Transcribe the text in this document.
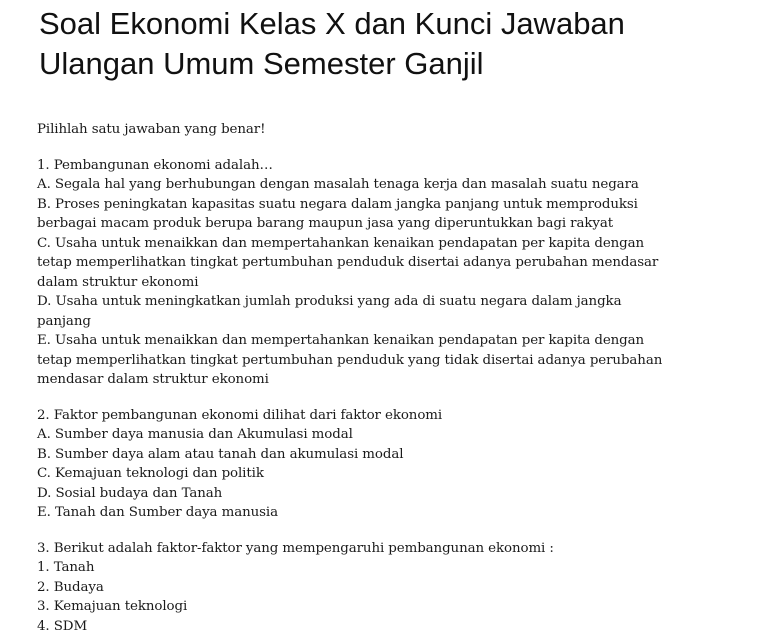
Soal Ekonomi Kelas X dan Kunci Jawaban
Ulangan Umum Semester Ganjil

Pilihlah satu jawaban yang benar!

1. Pembangunan ekonomi adalah…
A. Segala hal yang berhubungan dengan masalah tenaga kerja dan masalah suatu negara
B. Proses peningkatan kapasitas suatu negara dalam jangka panjang untuk memproduksi
berbagai macam produk berupa barang maupun jasa yang diperuntukkan bagi rakyat
C. Usaha untuk menaikkan dan mempertahankan kenaikan pendapatan per kapita dengan
tetap memperlihatkan tingkat pertumbuhan penduduk disertai adanya perubahan mendasar
dalam struktur ekonomi
D. Usaha untuk meningkatkan jumlah produksi yang ada di suatu negara dalam jangka
panjang
E. Usaha untuk menaikkan dan mempertahankan kenaikan pendapatan per kapita dengan
tetap memperlihatkan tingkat pertumbuhan penduduk yang tidak disertai adanya perubahan
mendasar dalam struktur ekonomi
2. Faktor pembangunan ekonomi dilihat dari faktor ekonomi
A. Sumber daya manusia dan Akumulasi modal
B. Sumber daya alam atau tanah dan akumulasi modal
C. Kemajuan teknologi dan politik
D. Sosial budaya dan Tanah
E. Tanah dan Sumber daya manusia
3. Berikut adalah faktor-faktor yang mempengaruhi pembangunan ekonomi :
1. Tanah
2. Budaya
3. Kemajuan teknologi
4. SDM
